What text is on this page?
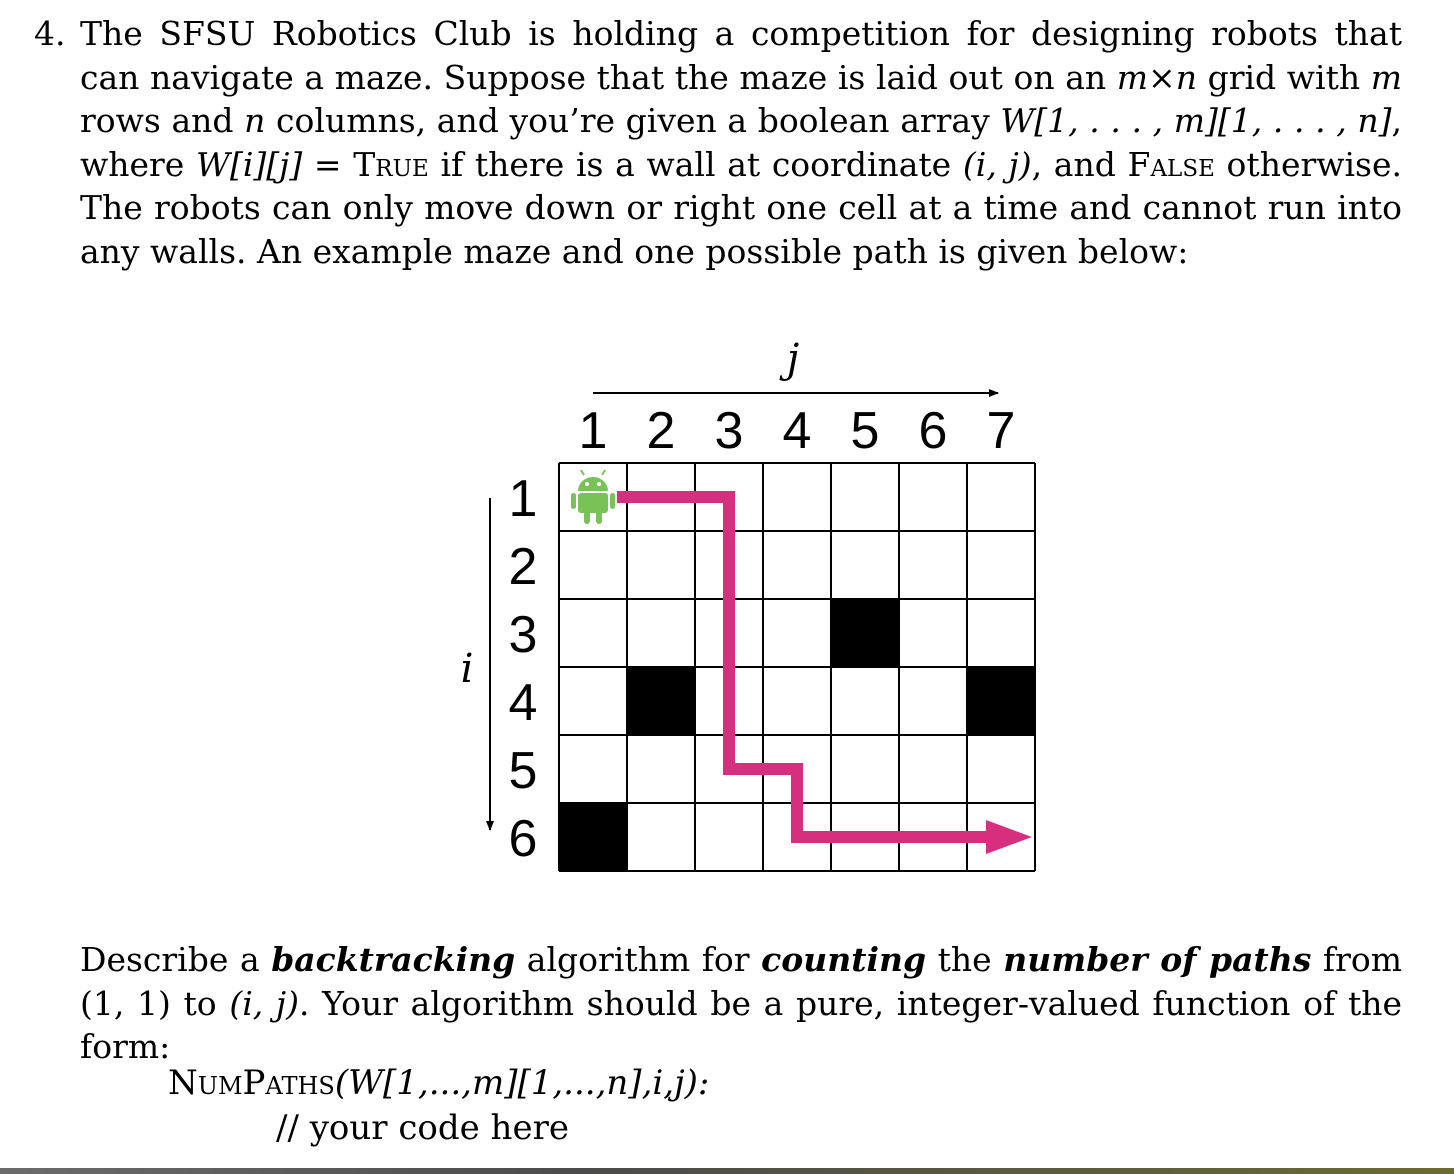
4. The SFSU Robotics Club is holding a competition for designing robots that can navigate a maze. Suppose that the maze is laid out on an m×n grid with m rows and n columns, and you’re given a boolean array W[1, . . . , m][1, . . . , n], where W[i][j] = True if there is a wall at coordinate (i, j), and False otherwise. The robots can only move down or right one cell at a time and cannot run into any walls. An example maze and one possible path is given below:

j
i
1 2 3 4 5 6 7
1
2
3
4
5
6

Describe a backtracking algorithm for counting the number of paths from (1, 1) to (i, j). Your algorithm should be a pure, integer-valued function of the form:

NumPaths(W[1,...,m][1,...,n],i,j):
// your code here
